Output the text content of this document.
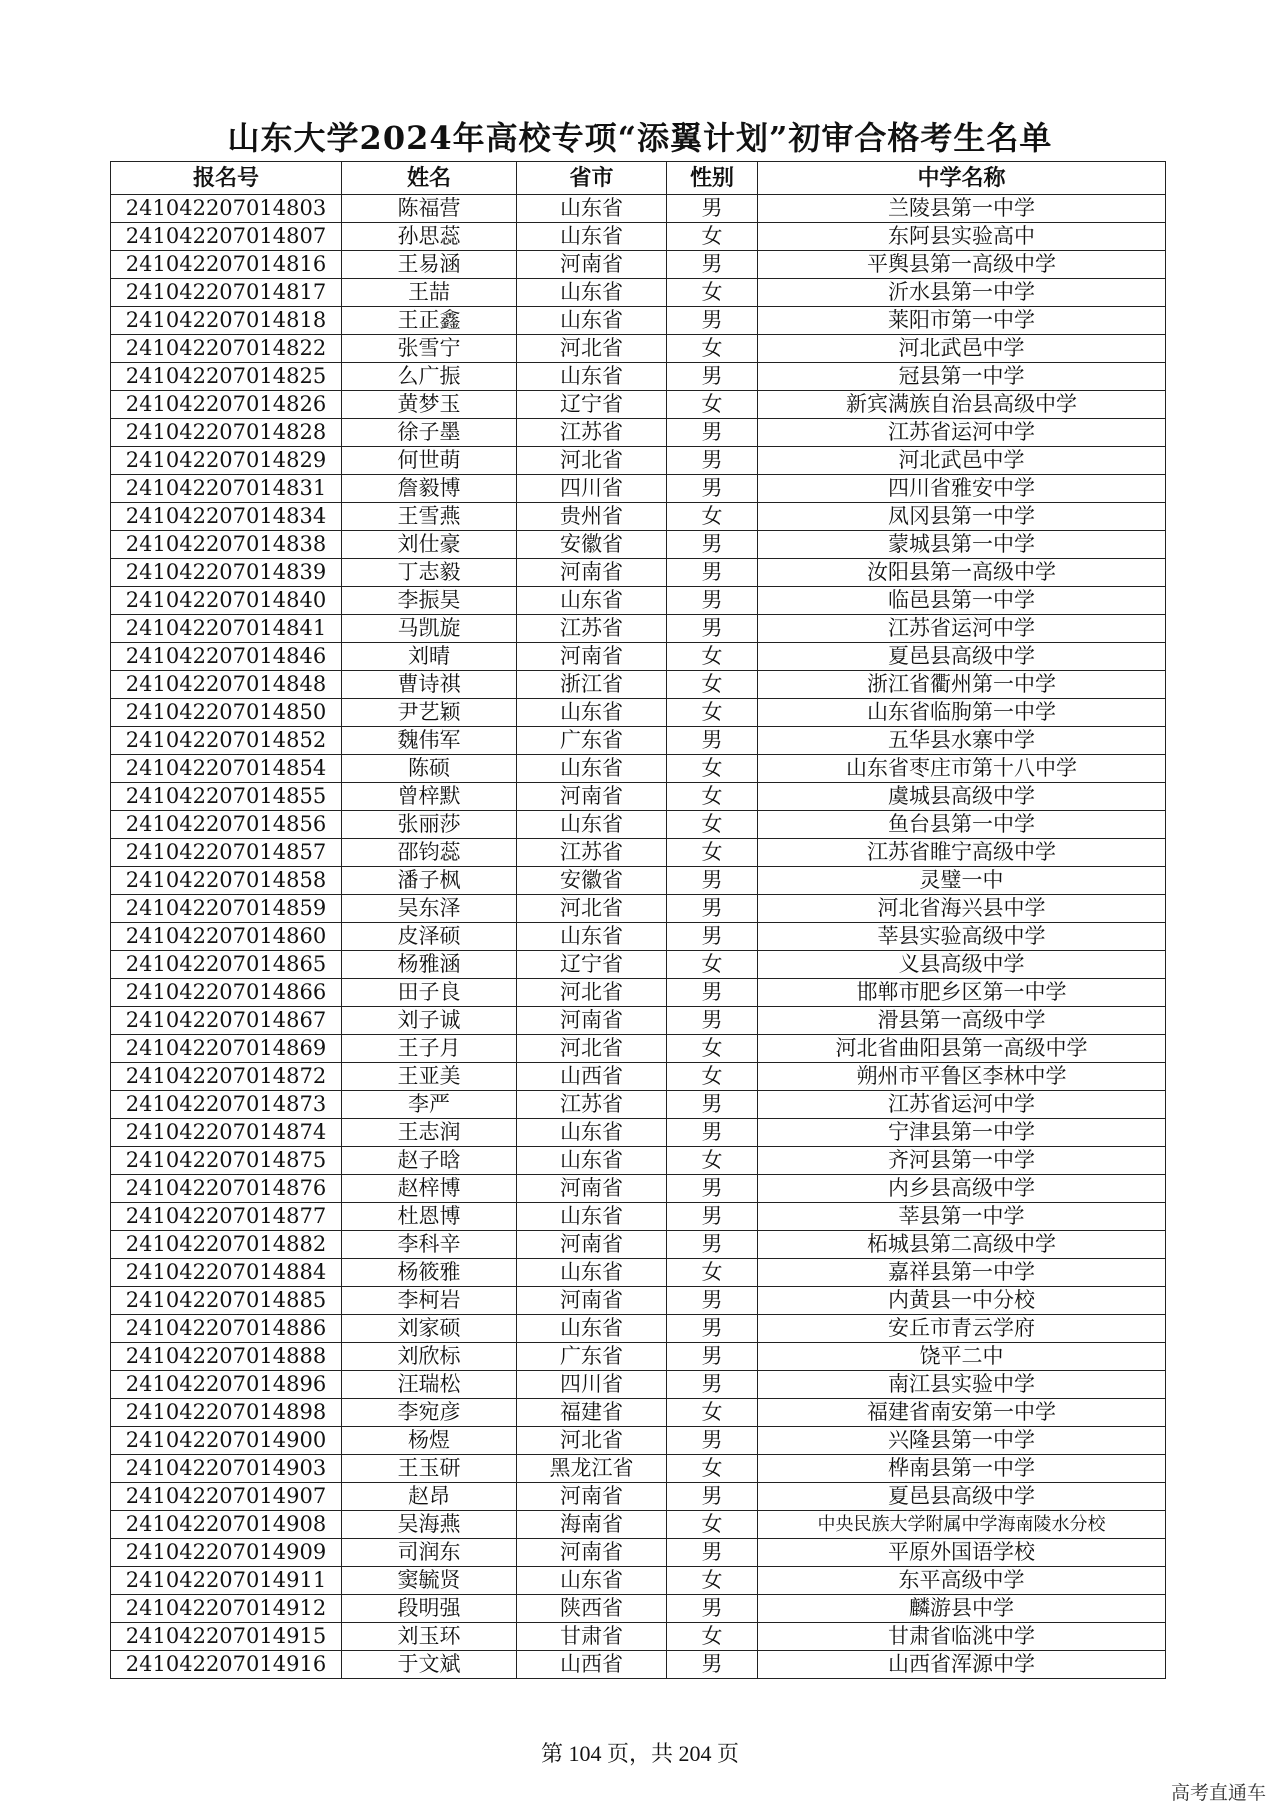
山东大学2024年高校专项“添翼计划”初审合格考生名单
报名号	姓名	省市	性别	中学名称
241042207014803	陈福营	山东省	男	兰陵县第一中学
241042207014807	孙思蕊	山东省	女	东阿县实验高中
241042207014816	王易涵	河南省	男	平舆县第一高级中学
241042207014817	王喆	山东省	女	沂水县第一中学
241042207014818	王正鑫	山东省	男	莱阳市第一中学
241042207014822	张雪宁	河北省	女	河北武邑中学
241042207014825	么广振	山东省	男	冠县第一中学
241042207014826	黄梦玉	辽宁省	女	新宾满族自治县高级中学
241042207014828	徐子墨	江苏省	男	江苏省运河中学
241042207014829	何世萌	河北省	男	河北武邑中学
241042207014831	詹毅博	四川省	男	四川省雅安中学
241042207014834	王雪燕	贵州省	女	凤冈县第一中学
241042207014838	刘仕豪	安徽省	男	蒙城县第一中学
241042207014839	丁志毅	河南省	男	汝阳县第一高级中学
241042207014840	李振昊	山东省	男	临邑县第一中学
241042207014841	马凯旋	江苏省	男	江苏省运河中学
241042207014846	刘晴	河南省	女	夏邑县高级中学
241042207014848	曹诗祺	浙江省	女	浙江省衢州第一中学
241042207014850	尹艺颖	山东省	女	山东省临朐第一中学
241042207014852	魏伟军	广东省	男	五华县水寨中学
241042207014854	陈硕	山东省	女	山东省枣庄市第十八中学
241042207014855	曾梓默	河南省	女	虞城县高级中学
241042207014856	张丽莎	山东省	女	鱼台县第一中学
241042207014857	邵钧蕊	江苏省	女	江苏省睢宁高级中学
241042207014858	潘子枫	安徽省	男	灵璧一中
241042207014859	吴东泽	河北省	男	河北省海兴县中学
241042207014860	皮泽硕	山东省	男	莘县实验高级中学
241042207014865	杨雅涵	辽宁省	女	义县高级中学
241042207014866	田子良	河北省	男	邯郸市肥乡区第一中学
241042207014867	刘子诚	河南省	男	滑县第一高级中学
241042207014869	王子月	河北省	女	河北省曲阳县第一高级中学
241042207014872	王亚美	山西省	女	朔州市平鲁区李林中学
241042207014873	李严	江苏省	男	江苏省运河中学
241042207014874	王志润	山东省	男	宁津县第一中学
241042207014875	赵子晗	山东省	女	齐河县第一中学
241042207014876	赵梓博	河南省	男	内乡县高级中学
241042207014877	杜恩博	山东省	男	莘县第一中学
241042207014882	李科辛	河南省	男	柘城县第二高级中学
241042207014884	杨筱雅	山东省	女	嘉祥县第一中学
241042207014885	李柯岩	河南省	男	内黄县一中分校
241042207014886	刘家硕	山东省	男	安丘市青云学府
241042207014888	刘欣标	广东省	男	饶平二中
241042207014896	汪瑞松	四川省	男	南江县实验中学
241042207014898	李宛彦	福建省	女	福建省南安第一中学
241042207014900	杨煜	河北省	男	兴隆县第一中学
241042207014903	王玉研	黑龙江省	女	桦南县第一中学
241042207014907	赵昂	河南省	男	夏邑县高级中学
241042207014908	吴海燕	海南省	女	中央民族大学附属中学海南陵水分校
241042207014909	司润东	河南省	男	平原外国语学校
241042207014911	窦毓贤	山东省	女	东平高级中学
241042207014912	段明强	陕西省	男	麟游县中学
241042207014915	刘玉环	甘肃省	女	甘肃省临洮中学
241042207014916	于文斌	山西省	男	山西省浑源中学
第 104 页，共 204 页
高考直通车
